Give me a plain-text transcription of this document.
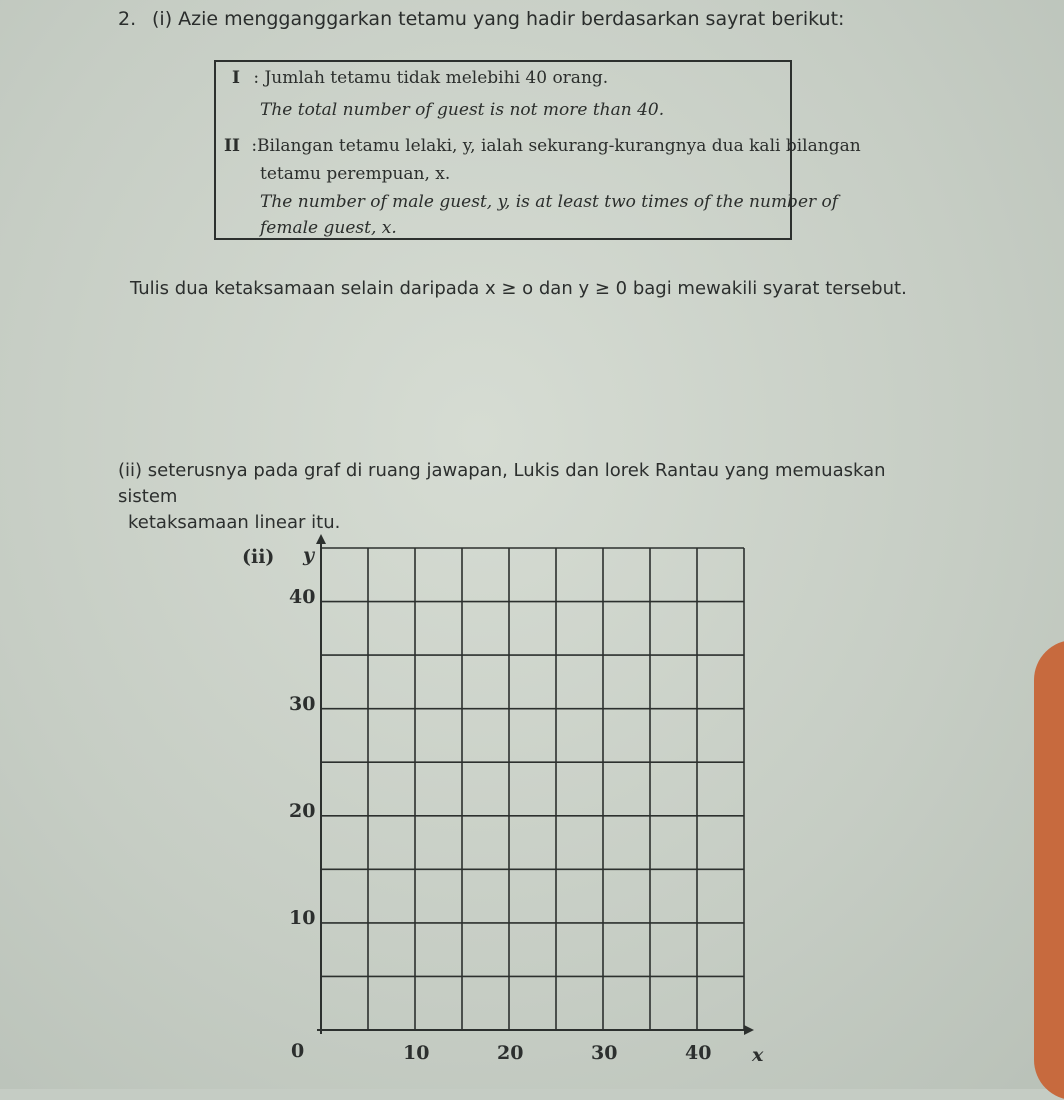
2. (i) Azie mengganggarkan tetamu yang hadir berdasarkan sayrat berikut:
I : Jumlah tetamu tidak melebihi 40 orang.
The total number of guest is not more than 40.
II :Bilangan tetamu lelaki, y, ialah sekurang-kurangnya dua kali bilangan
tetamu perempuan, x.
The number of male guest, y, is at least two times of the number of
female guest, x.
Tulis dua ketaksamaan selain daripada x ≥ o dan y ≥ 0 bagi mewakili syarat tersebut.
(ii) seterusnya pada graf di ruang jawapan, Lukis dan lorek Rantau yang memuaskan sistem
ketaksamaan linear itu.
(ii) y
x
0
10
20
30
40
10	20	30	40
